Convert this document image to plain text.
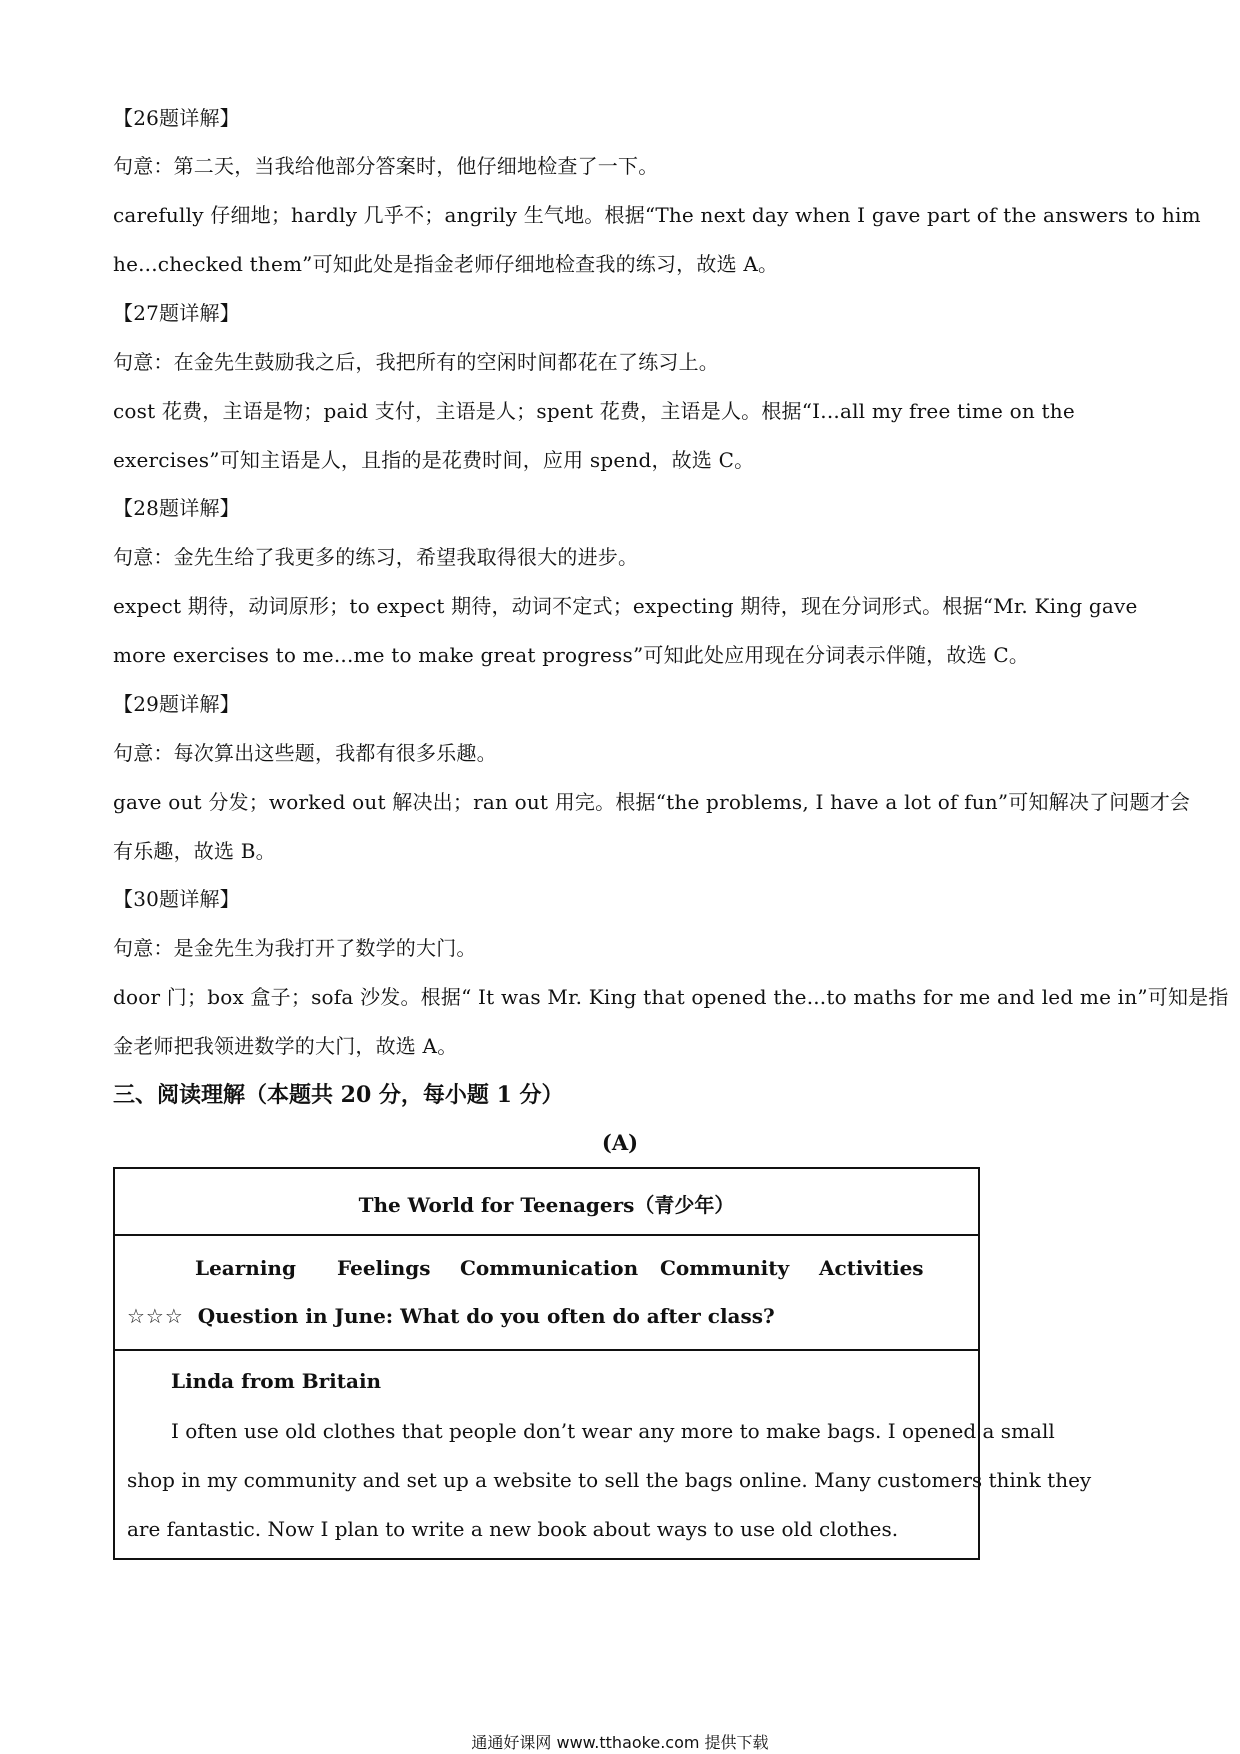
【26题详解】
句意：第二天，当我给他部分答案时，他仔细地检查了一下。
carefully 仔细地；hardly 几乎不；angrily 生气地。根据“The next day when I gave part of the answers to him
he...checked them”可知此处是指金老师仔细地检查我的练习，故选 A。
【27题详解】
句意：在金先生鼓励我之后，我把所有的空闲时间都花在了练习上。
cost 花费，主语是物；paid 支付，主语是人；spent 花费，主语是人。根据“I...all my free time on the
exercises”可知主语是人，且指的是花费时间，应用 spend，故选 C。
【28题详解】
句意：金先生给了我更多的练习，希望我取得很大的进步。
expect 期待，动词原形；to expect 期待，动词不定式；expecting 期待，现在分词形式。根据“Mr. King gave
more exercises to me...me to make great progress”可知此处应用现在分词表示伴随，故选 C。
【29题详解】
句意：每次算出这些题，我都有很多乐趣。
gave out 分发；worked out 解决出；ran out 用完。根据“the problems, I have a lot of fun”可知解决了问题才会
有乐趣，故选 B。
【30题详解】
句意：是金先生为我打开了数学的大门。
door 门；box 盒子；sofa 沙发。根据“ It was Mr. King that opened the...to maths for me and led me in”可知是指
金老师把我领进数学的大门，故选 A。
三、阅读理解（本题共 20 分，每小题 1 分）
(A)
The World for Teenagers（青少年）
Learning	Feelings	Communication	Community	Activities
☆☆☆ Question in June: What do you often do after class?
Linda from Britain
I often use old clothes that people don’t wear any more to make bags. I opened a small
shop in my community and set up a website to sell the bags online. Many customers think they
are fantastic. Now I plan to write a new book about ways to use old clothes.
通通好课网 www.tthaoke.com 提供下载
